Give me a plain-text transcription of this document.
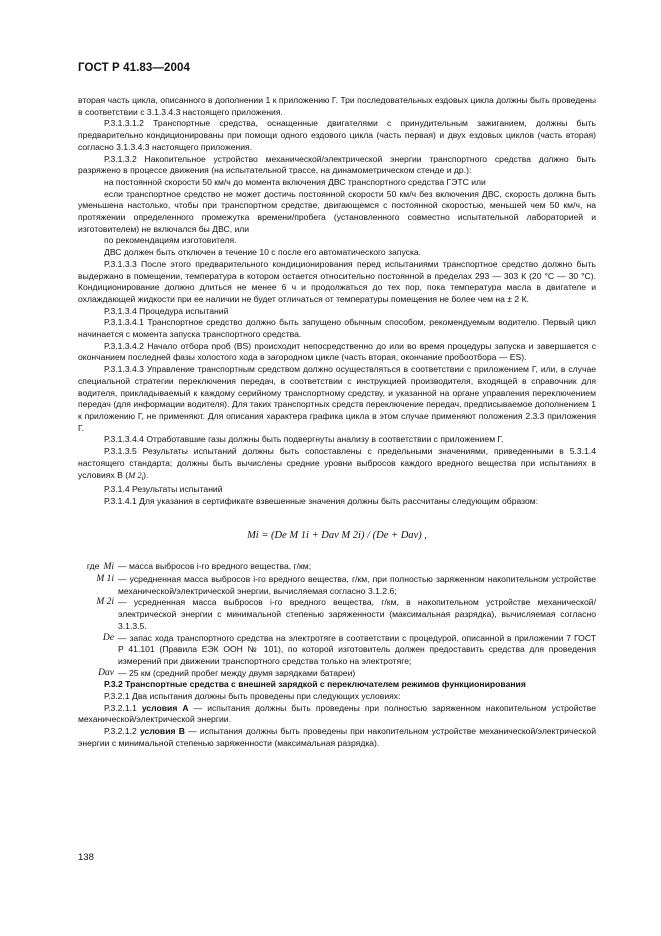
ГОСТ Р 41.83—2004

вторая часть цикла, описанного в дополнении 1 к приложению Г. Три последовательных ездовых цикла должны быть проведены в соответствии с 3.1.3.4.3 настоящего приложения.

Р.3.1.3.1.2 Транспортные средства, оснащенные двигателями с принудительным зажиганием, должны быть предварительно кондиционированы при помощи одного ездового цикла (часть первая) и двух ездовых циклов (часть вторая) согласно 3.1.3.4.3 настоящего приложения.

Р.3.1.3.2 Накопительное устройство механической/электрической энергии транспортного средства должно быть разряжено в процессе движения (на испытательной трассе, на динамометрическом стенде и др.):

на постоянной скорости 50 км/ч до момента включения ДВС транспортного средства ГЭТС или

если транспортное средство не может достичь постоянной скорости 50 км/ч без включения ДВС, скорость должна быть уменьшена настолько, чтобы при транспортном средстве, двигающемся с постоянной скоростью, меньшей чем 50 км/ч, на протяжении определенного промежутка времени/пробега (установленного совместно испытательной лабораторией и изготовителем) не включался бы ДВС, или

по рекомендациям изготовителя.

ДВС должен быть отключен в течение 10 с после его автоматического запуска.

Р.3.1.3.3 После этого предварительного кондиционирования перед испытаниями транспортное средство должно быть выдержано в помещении, температура в котором остается относительно постоянной в пределах 293 — 303 К (20 °С — 30 °С). Кондиционирование должно длиться не менее 6 ч и продолжаться до тех пор, пока температура масла в двигателе и охлаждающей жидкости при ее наличии не будет отличаться от температуры помещения не более чем на ± 2 К.

Р.3.1.3.4 Процедура испытаний

Р.3.1.3.4.1 Транспортное средство должно быть запущено обычным способом, рекомендуемым водителю. Первый цикл начинается с момента запуска транспортного средства.

Р.3.1.3.4.2 Начало отбора проб (BS) происходит непосредственно до или во время процедуры запуска и завершается с окончанием последней фазы холостого хода в загородном цикле (часть вторая, окончание пробоотбора — ES).

Р.3.1.3.4.3 Управление транспортным средством должно осуществляться в соответствии с приложением Г, или, в случае специальной стратегии переключения передач, в соответствии с инструкцией производителя, входящей в справочник для водителя, прикладываемый к каждому серийному транспортному средству, и указанной на органе управления переключением передач (для информации водителя). Для таких транспортных средств переключение передач, предписываемое дополнением 1 к приложению Г, не применяют. Для описания характера графика цикла в этом случае применяют положения 2.3.3 приложения Г.

Р.3.1.3.4.4 Отработавшие газы должны быть подвергнуты анализу в соответствии с приложением Г.

Р.3.1.3.5 Результаты испытаний должны быть сопоставлены с предельными значениями, приведенными в 5.3.1.4 настоящего стандарта; должны быть вычислены средние уровни выбросов каждого вредного вещества при испытаниях в условиях В (M $2_i$).

Р.3.1.4 Результаты испытаний

Р.3.1.4.1 Для указания в сертификате взвешенные значения должны быть рассчитаны следующим образом:

Mi = (De M 1i + Dav M 2i) / (De + Dav) ,
где Mi — масса выбросов i-го вредного вещества, г/км;
M 1i — усредненная масса выбросов i-го вредного вещества, г/км, при полностью заряженном накопительном устройстве механической/электрической энергии, вычисляемая согласно 3.1.2.6;
M 2i — усредненная масса выбросов i-го вредного вещества, г/км, в накопительном устройстве механической/электрической энергии с минимальной степенью заряженности (максимальная разрядка), вычисляемая согласно 3.1.3.5.
De — запас хода транспортного средства на электротяге в соответствии с процедурой, описанной в приложении 7 ГОСТ Р 41.101 (Правила ЕЭК ООН № 101), по которой изготовитель должен предоставить средства для проведения измерений при движении транспортного средства только на электротяге;
Dav — 25 км (средний пробег между двумя зарядками батареи)

Р.3.2 Транспортные средства с внешней зарядкой с переключателем режимов функционирования

Р.3.2.1 Два испытания должны быть проведены при следующих условиях:

Р.3.2.1.1 условия А — испытания должны быть проведены при полностью заряженном накопительном устройстве механической/электрической энергии.

Р.3.2.1.2 условия В — испытания должны быть проведены при накопительном устройстве механической/электрической энергии с минимальной степенью заряженности (максимальная разрядка).

138
